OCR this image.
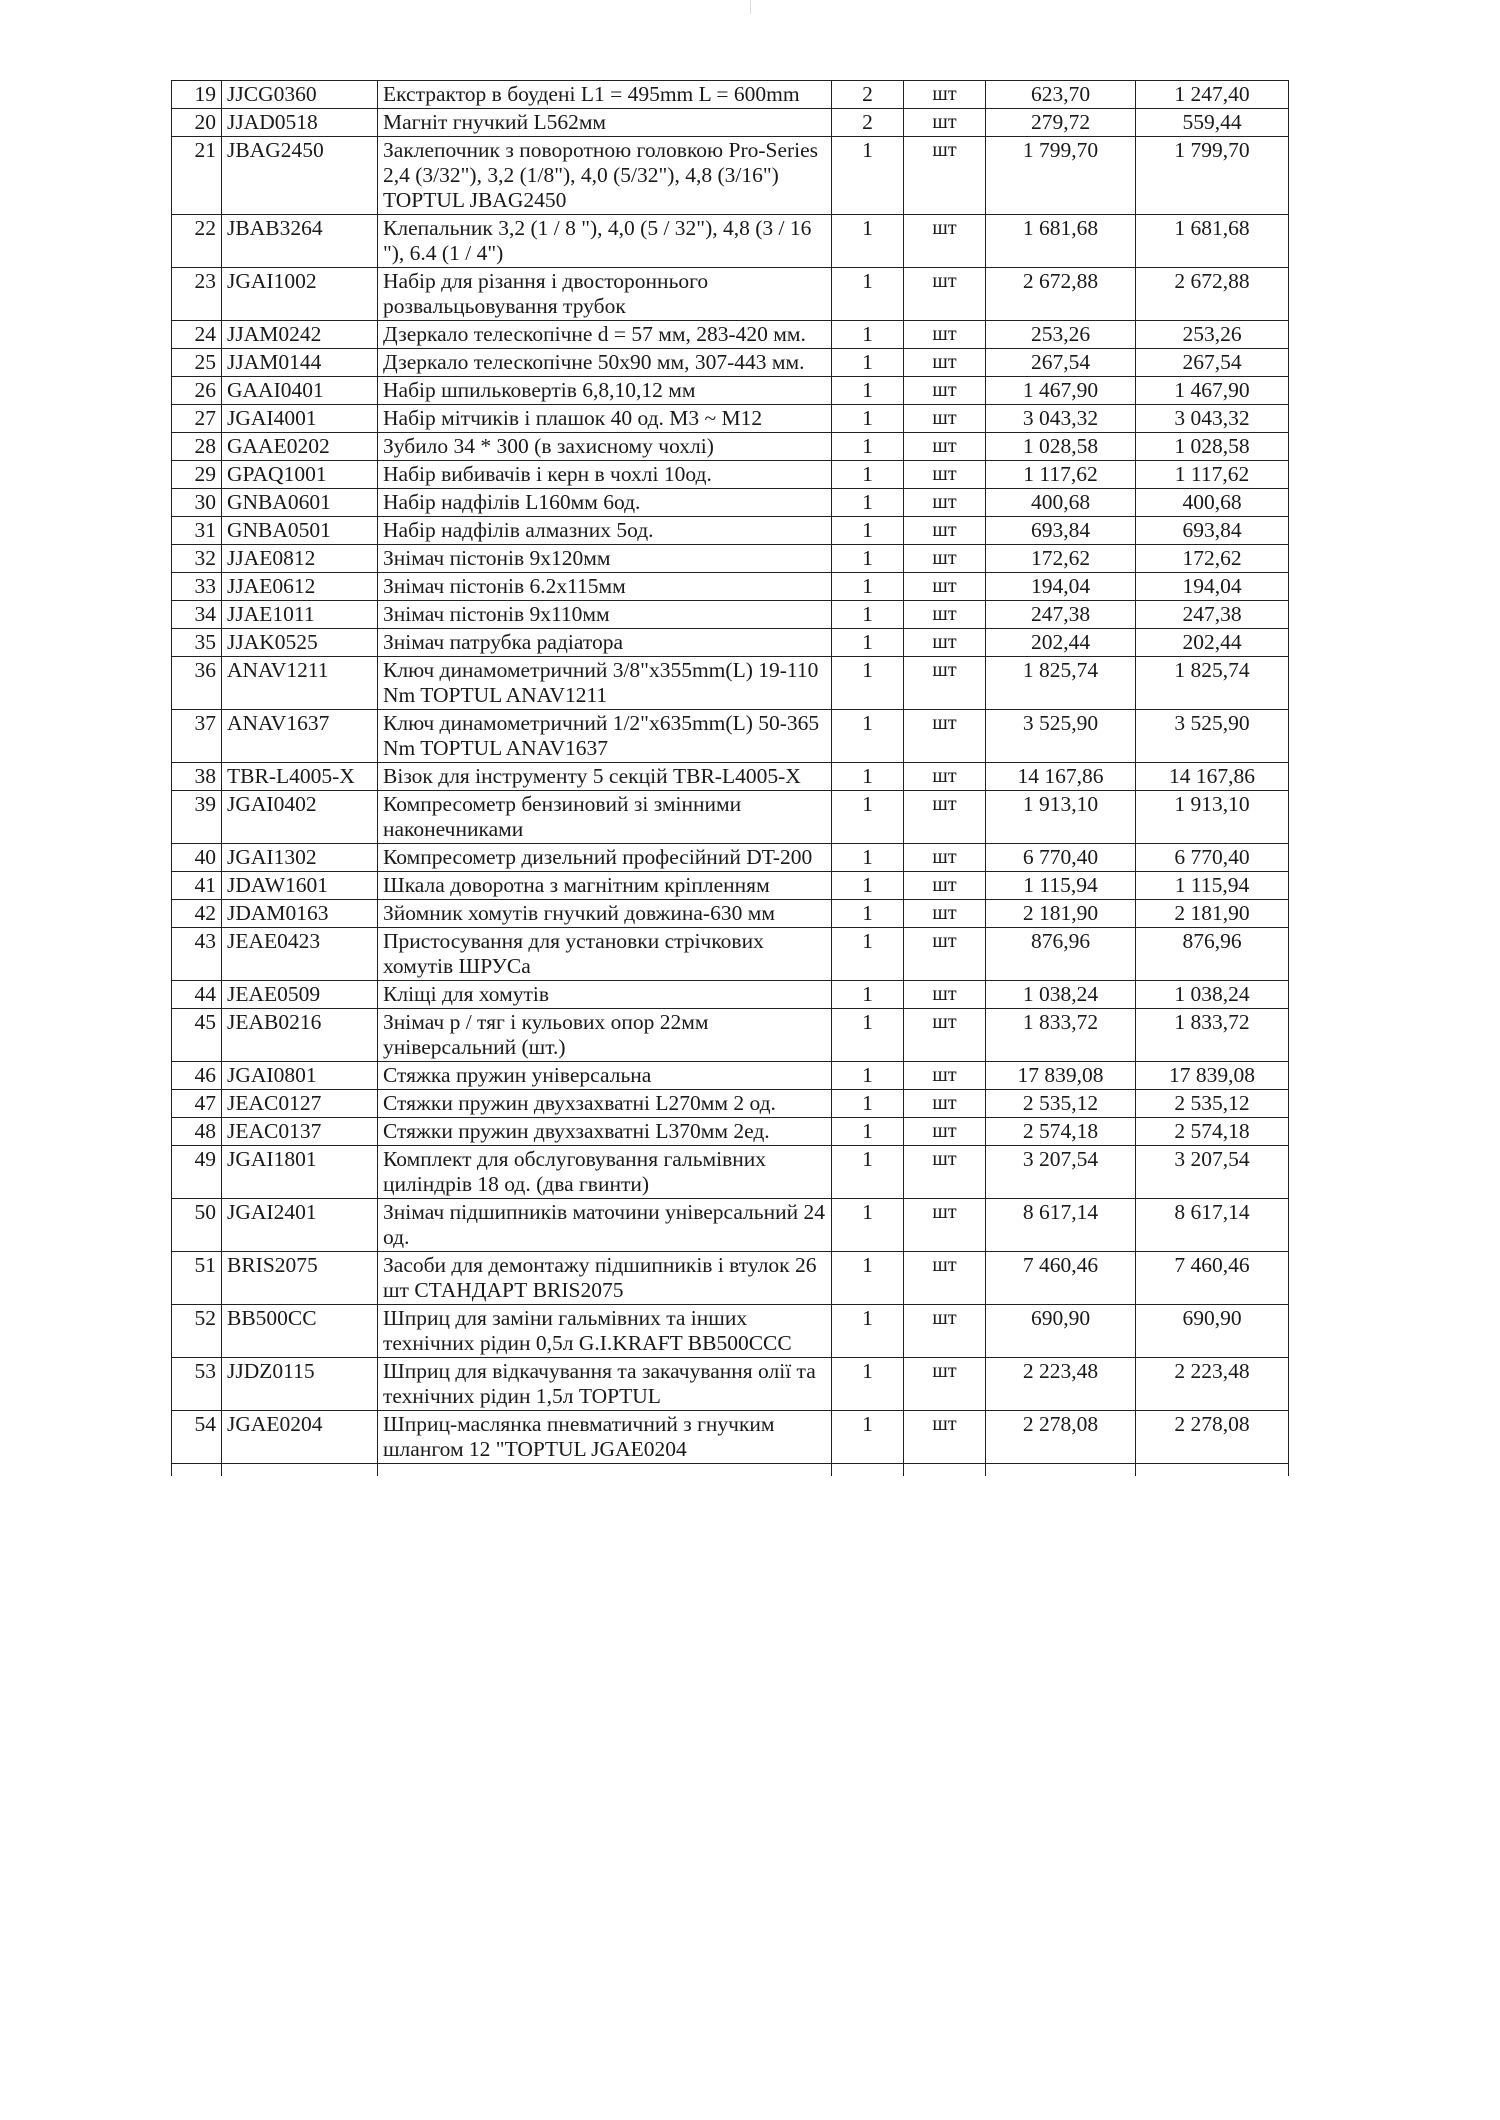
19	JJCG0360	Екстрактор в боудені L1 = 495mm L = 600mm	2	шт	623,70	1 247,40
20	JJAD0518	Магніт гнучкий L562мм	2	шт	279,72	559,44
21	JBAG2450	Заклепочник з поворотною головкою Pro-Series 2,4 (3/32"), 3,2 (1/8"), 4,0 (5/32"), 4,8 (3/16") TOPTUL JBAG2450	1	шт	1 799,70	1 799,70
22	JBAB3264	Клепальник 3,2 (1 / 8 "), 4,0 (5 / 32"), 4,8 (3 / 16 "), 6.4 (1 / 4")	1	шт	1 681,68	1 681,68
23	JGAI1002	Набір для різання і двостороннього розвальцьовування трубок	1	шт	2 672,88	2 672,88
24	JJAM0242	Дзеркало телескопічне d = 57 мм, 283-420 мм.	1	шт	253,26	253,26
25	JJAM0144	Дзеркало телескопічне 50x90 мм, 307-443 мм.	1	шт	267,54	267,54
26	GAAI0401	Набір шпильковертів 6,8,10,12 мм	1	шт	1 467,90	1 467,90
27	JGAI4001	Набір мітчиків і плашок 40 од. M3 ~ M12	1	шт	3 043,32	3 043,32
28	GAAE0202	Зубило 34 * 300 (в захисному чохлі)	1	шт	1 028,58	1 028,58
29	GPAQ1001	Набір вибивачів і керн в чохлі 10од.	1	шт	1 117,62	1 117,62
30	GNBA0601	Набір надфілів L160мм 6од.	1	шт	400,68	400,68
31	GNBA0501	Набір надфілів алмазних 5од.	1	шт	693,84	693,84
32	JJAE0812	Знімач пістонів 9x120мм	1	шт	172,62	172,62
33	JJAE0612	Знімач пістонів 6.2x115мм	1	шт	194,04	194,04
34	JJAE1011	Знімач пістонів 9x110мм	1	шт	247,38	247,38
35	JJAK0525	Знімач патрубка радіатора	1	шт	202,44	202,44
36	ANAV1211	Ключ динамометричний 3/8"x355mm(L) 19-110 Nm TOPTUL ANAV1211	1	шт	1 825,74	1 825,74
37	ANAV1637	Ключ динамометричний 1/2"x635mm(L) 50-365 Nm TOPTUL ANAV1637	1	шт	3 525,90	3 525,90
38	TBR-L4005-X	Візок для інструменту 5 секцій TBR-L4005-X	1	шт	14 167,86	14 167,86
39	JGAI0402	Компресометр бензиновий зі змінними наконечниками	1	шт	1 913,10	1 913,10
40	JGAI1302	Компресометр дизельний професійний DT-200	1	шт	6 770,40	6 770,40
41	JDAW1601	Шкала доворотна з магнітним кріпленням	1	шт	1 115,94	1 115,94
42	JDAM0163	Зйомник хомутів гнучкий довжина-630 мм	1	шт	2 181,90	2 181,90
43	JEAE0423	Пристосування для установки стрічкових хомутів ШРУСа	1	шт	876,96	876,96
44	JEAE0509	Кліщі для хомутів	1	шт	1 038,24	1 038,24
45	JEAB0216	Знімач р / тяг і кульових опор 22мм універсальний (шт.)	1	шт	1 833,72	1 833,72
46	JGAI0801	Стяжка пружин універсальна	1	шт	17 839,08	17 839,08
47	JEAC0127	Стяжки пружин двухзахватні L270мм 2 од.	1	шт	2 535,12	2 535,12
48	JEAC0137	Стяжки пружин двухзахватні L370мм 2ед.	1	шт	2 574,18	2 574,18
49	JGAI1801	Комплект для обслуговування гальмівних циліндрів 18 од. (два гвинти)	1	шт	3 207,54	3 207,54
50	JGAI2401	Знімач підшипників маточини універсальний 24 од.	1	шт	8 617,14	8 617,14
51	BRIS2075	Засоби для демонтажу підшипників і втулок 26 шт СТАНДАРТ BRIS2075	1	шт	7 460,46	7 460,46
52	BB500CC	Шприц для заміни гальмівних та інших технічних рідин 0,5л G.I.KRAFT BB500CCC	1	шт	690,90	690,90
53	JJDZ0115	Шприц для відкачування та закачування олії та технічних рідин 1,5л TOPTUL	1	шт	2 223,48	2 223,48
54	JGAE0204	Шприц-маслянка пневматичний з гнучким шлангом 12 "TOPTUL JGAE0204	1	шт	2 278,08	2 278,08
